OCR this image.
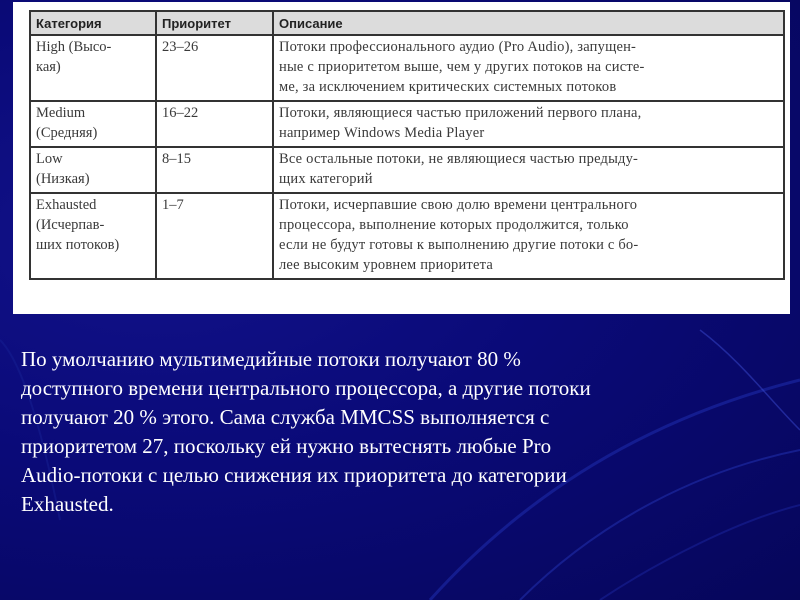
Категория	Приоритет	Описание

High (Высо-
кая)	23–26	Потоки профессионального аудио (Pro Audio), запущен-
ные с приоритетом выше, чем у других потоков на систе-
ме, за исключением критических системных потоков

Medium
(Средняя)	16–22	Потоки, являющиеся частью приложений первого плана,
например Windows Media Player

Low
(Низкая)	8–15	Все остальные потоки, не являющиеся частью предыду-
щих категорий

Exhausted
(Исчерпав-
ших потоков)	1–7	Потоки, исчерпавшие свою долю времени центрального
процессора, выполнение которых продолжится, только
если не будут готовы к выполнению другие потоки с бо-
лее высоким уровнем приоритета
По умолчанию мультимедийные потоки получают 80 %
доступного времени центрального процессора, а другие потоки
получают 20 % этого. Сама служба MMCSS выполняется с
приоритетом 27, поскольку ей нужно вытеснять любые Pro
Audio-потоки с целью снижения их приоритета до категории
Exhausted.
